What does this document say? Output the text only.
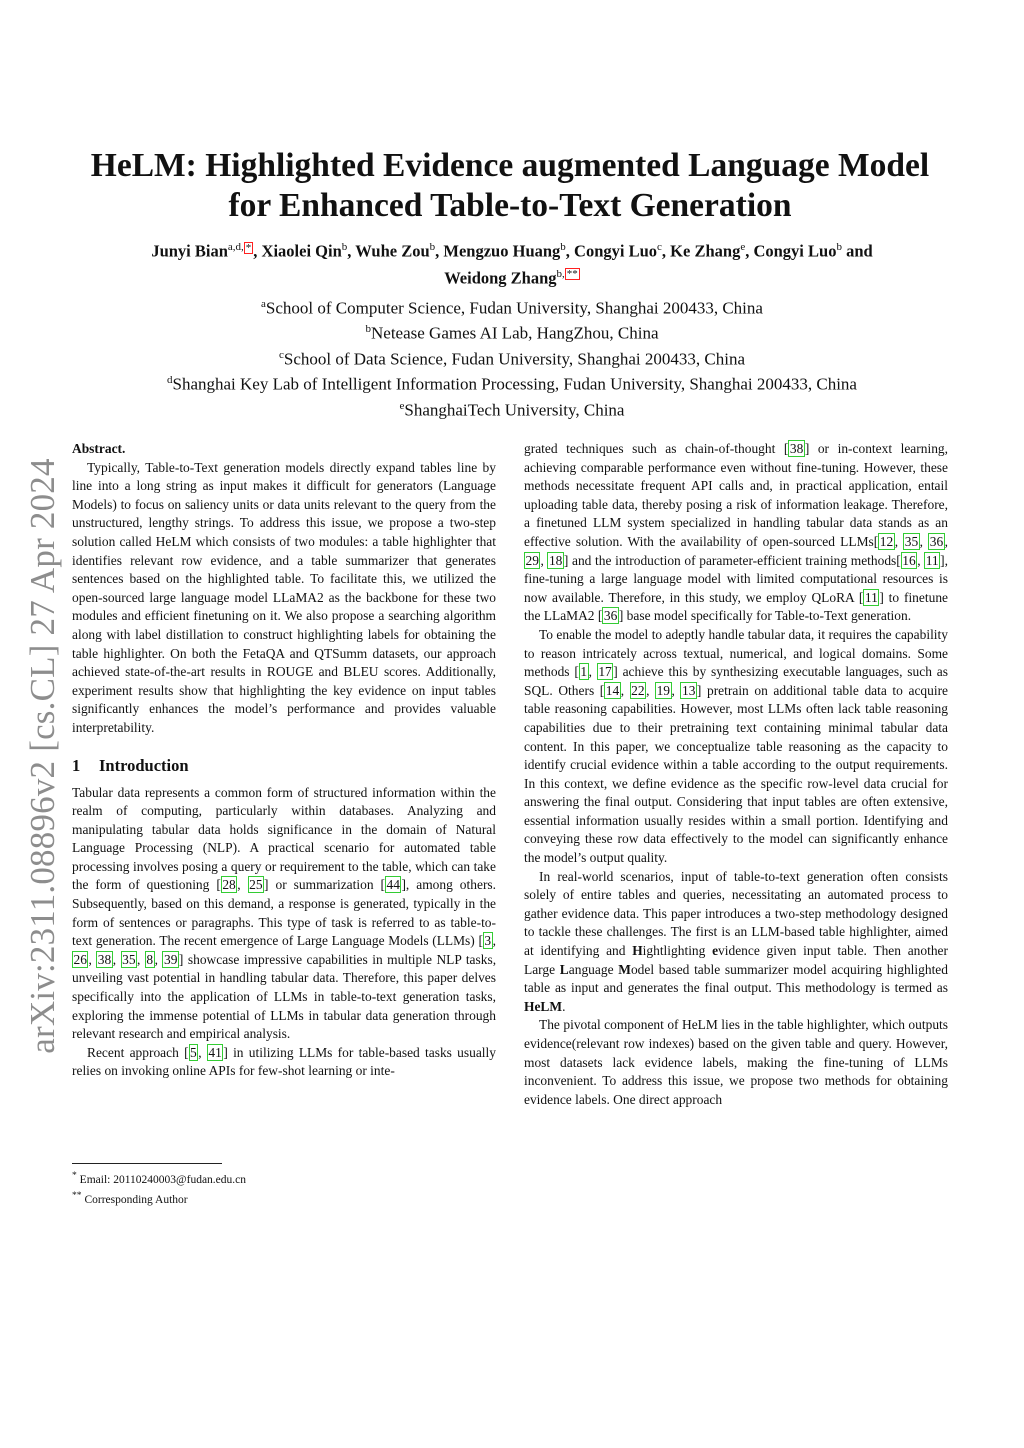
arXiv:2311.08896v2 [cs.CL] 27 Apr 2024
HeLM: Highlighted Evidence augmented Language Model for Enhanced Table-to-Text Generation
Junyi Bian$^{a,d,}$ * , Xiaolei Qin$^b$, Wuhe Zou$^b$, Mengzuo Huang$^b$, Congyi Luo$^c$, Ke Zhang$^e$, Congyi Luo$^b$ and
Weidong Zhang$^{b,}$ **
$^a$School of Computer Science, Fudan University, Shanghai 200433, China
$^b$Netease Games AI Lab, HangZhou, China
$^c$School of Data Science, Fudan University, Shanghai 200433, China
$^d$Shanghai Key Lab of Intelligent Information Processing, Fudan University, Shanghai 200433, China
$^e$ShanghaiTech University, China
Abstract.

Typically, Table-to-Text generation models directly expand tables line by line into a long string as input makes it difficult for generators (Language Models) to focus on saliency units or data units relevant to the query from the unstructured, lengthy strings. To address this issue, we propose a two-step solution called HeLM which consists of two modules: a table highlighter that identifies relevant row evidence, and a table summarizer that generates sentences based on the highlighted table. To facilitate this, we utilized the open-sourced large language model LLaMA2 as the backbone for these two modules and efficient finetuning on it. We also propose a searching algorithm along with label distillation to construct highlighting labels for obtaining the table highlighter. On both the FetaQA and QTSumm datasets, our approach achieved state-of-the-art results in ROUGE and BLEU scores. Additionally, experiment results show that highlighting the key evidence on input tables significantly enhances the model’s performance and provides valuable interpretability.

1 Introduction

Tabular data represents a common form of structured information within the realm of computing, particularly within databases. Analyzing and manipulating tabular data holds significance in the domain of Natural Language Processing (NLP). A practical scenario for automated table processing involves posing a query or requirement to the table, which can take the form of questioning [ 28 , 25 ] or summarization [ 44 ], among others. Subsequently, based on this demand, a response is generated, typically in the form of sentences or paragraphs. This type of task is referred to as table-to-text generation. The recent emergence of Large Language Models (LLMs) [ 3 , 26 , 38 , 35 , 8 , 39 ] showcase impressive capabilities in multiple NLP tasks, unveiling vast potential in handling tabular data. Therefore, this paper delves specifically into the application of LLMs in table-to-text generation tasks, exploring the immense potential of LLMs in tabular data generation through relevant research and empirical analysis.

Recent approach [ 5 , 41 ] in utilizing LLMs for table-based tasks usually relies on invoking online APIs for few-shot learning or inte-

* Email: 20110240003@fudan.edu.cn
** Corresponding Author

grated techniques such as chain-of-thought [ 38 ] or in-context learning, achieving comparable performance even without fine-tuning. However, these methods necessitate frequent API calls and, in practical application, entail uploading table data, thereby posing a risk of information leakage. Therefore, a finetuned LLM system specialized in handling tabular data stands as an effective solution. With the availability of open-sourced LLMs[ 12 , 35 , 36 , 29 , 18 ] and the introduction of parameter-efficient training methods[ 16 , 11 ], fine-tuning a large language model with limited computational resources is now available. Therefore, in this study, we employ QLoRA [ 11 ] to finetune the LLaMA2 [ 36 ] base model specifically for Table-to-Text generation.

To enable the model to adeptly handle tabular data, it requires the capability to reason intricately across textual, numerical, and logical domains. Some methods [ 1 , 17 ] achieve this by synthesizing executable languages, such as SQL. Others [ 14 , 22 , 19 , 13 ] pretrain on additional table data to acquire table reasoning capabilities. However, most LLMs often lack table reasoning capabilities due to their pretraining text containing minimal tabular data content. In this paper, we conceptualize table reasoning as the capacity to identify crucial evidence within a table according to the output requirements. In this context, we define evidence as the specific row-level data crucial for answering the final output. Considering that input tables are often extensive, essential information usually resides within a small portion. Identifying and conveying these row data effectively to the model can significantly enhance the model’s output quality.

In real-world scenarios, input of table-to-text generation often consists solely of entire tables and queries, necessitating an automated process to gather evidence data. This paper introduces a two-step methodology designed to tackle these challenges. The first is an LLM-based table highlighter, aimed at identifying and Hightlighting evidence given input table. Then another Large Language Model based table summarizer model acquiring highlighted table as input and generates the final output. This methodology is termed as HeLM.

The pivotal component of HeLM lies in the table highlighter, which outputs evidence(relevant row indexes) based on the given table and query. However, most datasets lack evidence labels, making the fine-tuning of LLMs inconvenient. To address this issue, we propose two methods for obtaining evidence labels. One direct approach
